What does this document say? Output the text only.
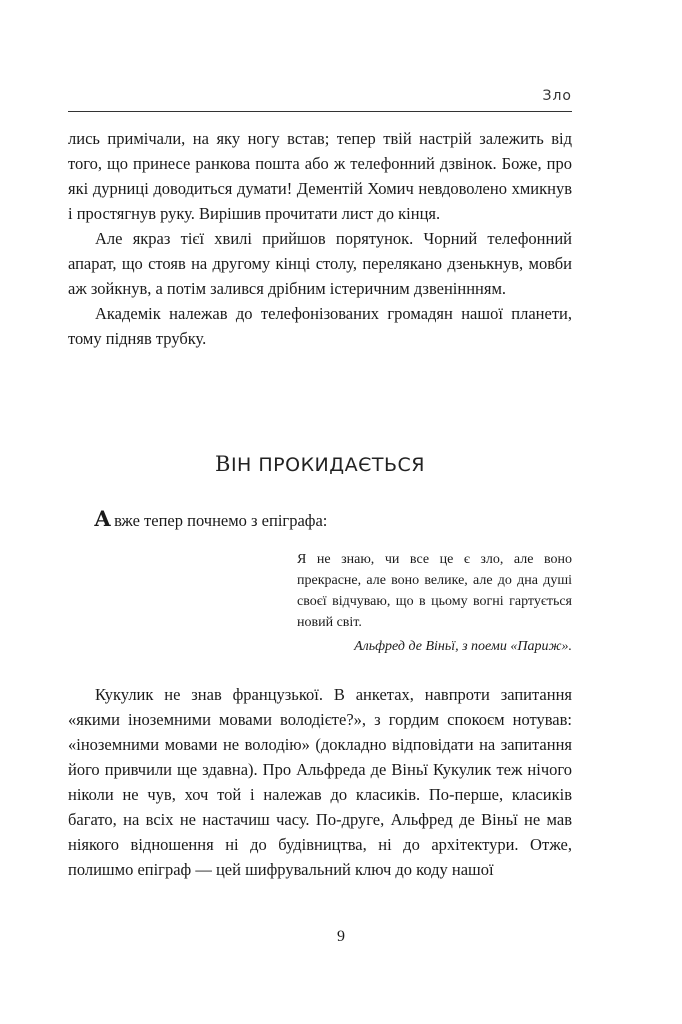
Зло

лись примічали, на яку ногу встав; тепер твій настрій залежить від того, що принесе ранкова пошта або ж телефонний дзвінок. Боже, про які дурниці доводиться думати! Дементій Хомич невдоволено хмикнув і простягнув руку. Вирішив прочитати лист до кінця.

Але якраз тієї хвилі прийшов порятунок. Чорний телефонний апарат, що стояв на другому кінці столу, перелякано дзенькнув, мовби аж зойкнув, а потім залився дрібним істеричним дзвеніннням.

Академік належав до телефонізованих громадян нашої планети, тому підняв трубку.

ВІН ПРОКИДАЄТЬСЯ
А вже тепер почнемо з епіграфа:
Я не знаю, чи все це є зло, але воно прекрасне, але воно велике, але до дна душі своєї відчуваю, що в цьому вогні гартується новий світ.
Альфред де Віньї, з поеми «Париж».

Кукулик не знав французької. В анкетах, навпроти запитання «якими іноземними мовами володієте?», з гордим спокоєм нотував: «іноземними мовами не володію» (докладно відповідати на запитання його привчили ще здавна). Про Альфреда де Віньї Кукулик теж нічого ніколи не чув, хоч той і належав до класиків. По-перше, класиків багато, на всіх не настачиш часу. По-друге, Альфред де Віньї не мав ніякого відношення ні до будівництва, ні до архітектури. Отже, полишмо епіграф — цей шифрувальний ключ до коду нашої

9
